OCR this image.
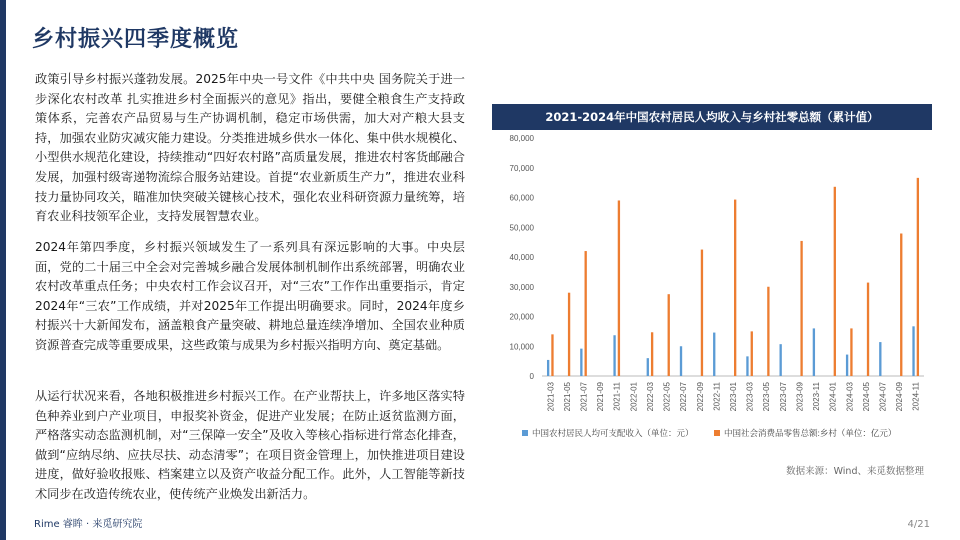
乡村振兴四季度概览

政策引导乡村振兴蓬勃发展。2025年中央一号文件《中共中央 国务院关于进一步深化农村改革 扎实推进乡村全面振兴的意见》指出，要健全粮食生产支持政策体系，完善农产品贸易与生产协调机制，稳定市场供需，加大对产粮大县支持，加强农业防灾减灾能力建设。分类推进城乡供水一体化、集中供水规模化、小型供水规范化建设，持续推动“四好农村路”高质量发展，推进农村客货邮融合发展，加强村级寄递物流综合服务站建设。首提“农业新质生产力”，推进农业科技力量协同攻关，瞄准加快突破关键核心技术，强化农业科研资源力量统筹，培育农业科技领军企业，支持发展智慧农业。

2024年第四季度，乡村振兴领域发生了一系列具有深远影响的大事。中央层面，党的二十届三中全会对完善城乡融合发展体制机制作出系统部署，明确农业农村改革重点任务；中央农村工作会议召开，对“三农”工作作出重要指示，肯定2024年“三农”工作成绩，并对2025年工作提出明确要求。同时，2024年度乡村振兴十大新闻发布，涵盖粮食产量突破、耕地总量连续净增加、全国农业种质资源普查完成等重要成果，这些政策与成果为乡村振兴指明方向、奠定基础。

从运行状况来看，各地积极推进乡村振兴工作。在产业帮扶上，许多地区落实特色种养业到户产业项目，申报奖补资金，促进产业发展；在防止返贫监测方面，严格落实动态监测机制，对“三保障一安全”及收入等核心指标进行常态化排查，做到“应纳尽纳、应扶尽扶、动态清零”；在项目资金管理上，加快推进项目建设进度，做好验收报账、档案建立以及资产收益分配工作。此外，人工智能等新技术同步在改造传统农业，使传统产业焕发出新活力。

2021-2024年中国农村居民人均收入与乡村社零总额（累计值）
0
10,000
20,000
30,000
40,000
50,000
60,000
70,000
80,000
2021-03 2021-05 2021-07 2021-09 2021-11 2022-01 2022-03 2022-05 2022-07 2022-09 2022-11 2023-01 2023-03 2023-05 2023-07 2023-09 2023-11 2024-01 2024-03 2024-05 2024-07 2024-09 2024-11
中国农村居民人均可支配收入（单位：元）	中国社会消费品零售总额:乡村（单位：亿元）
数据来源：Wind、来觅数据整理
Rime 睿眸 · 来觅研究院	4/21
